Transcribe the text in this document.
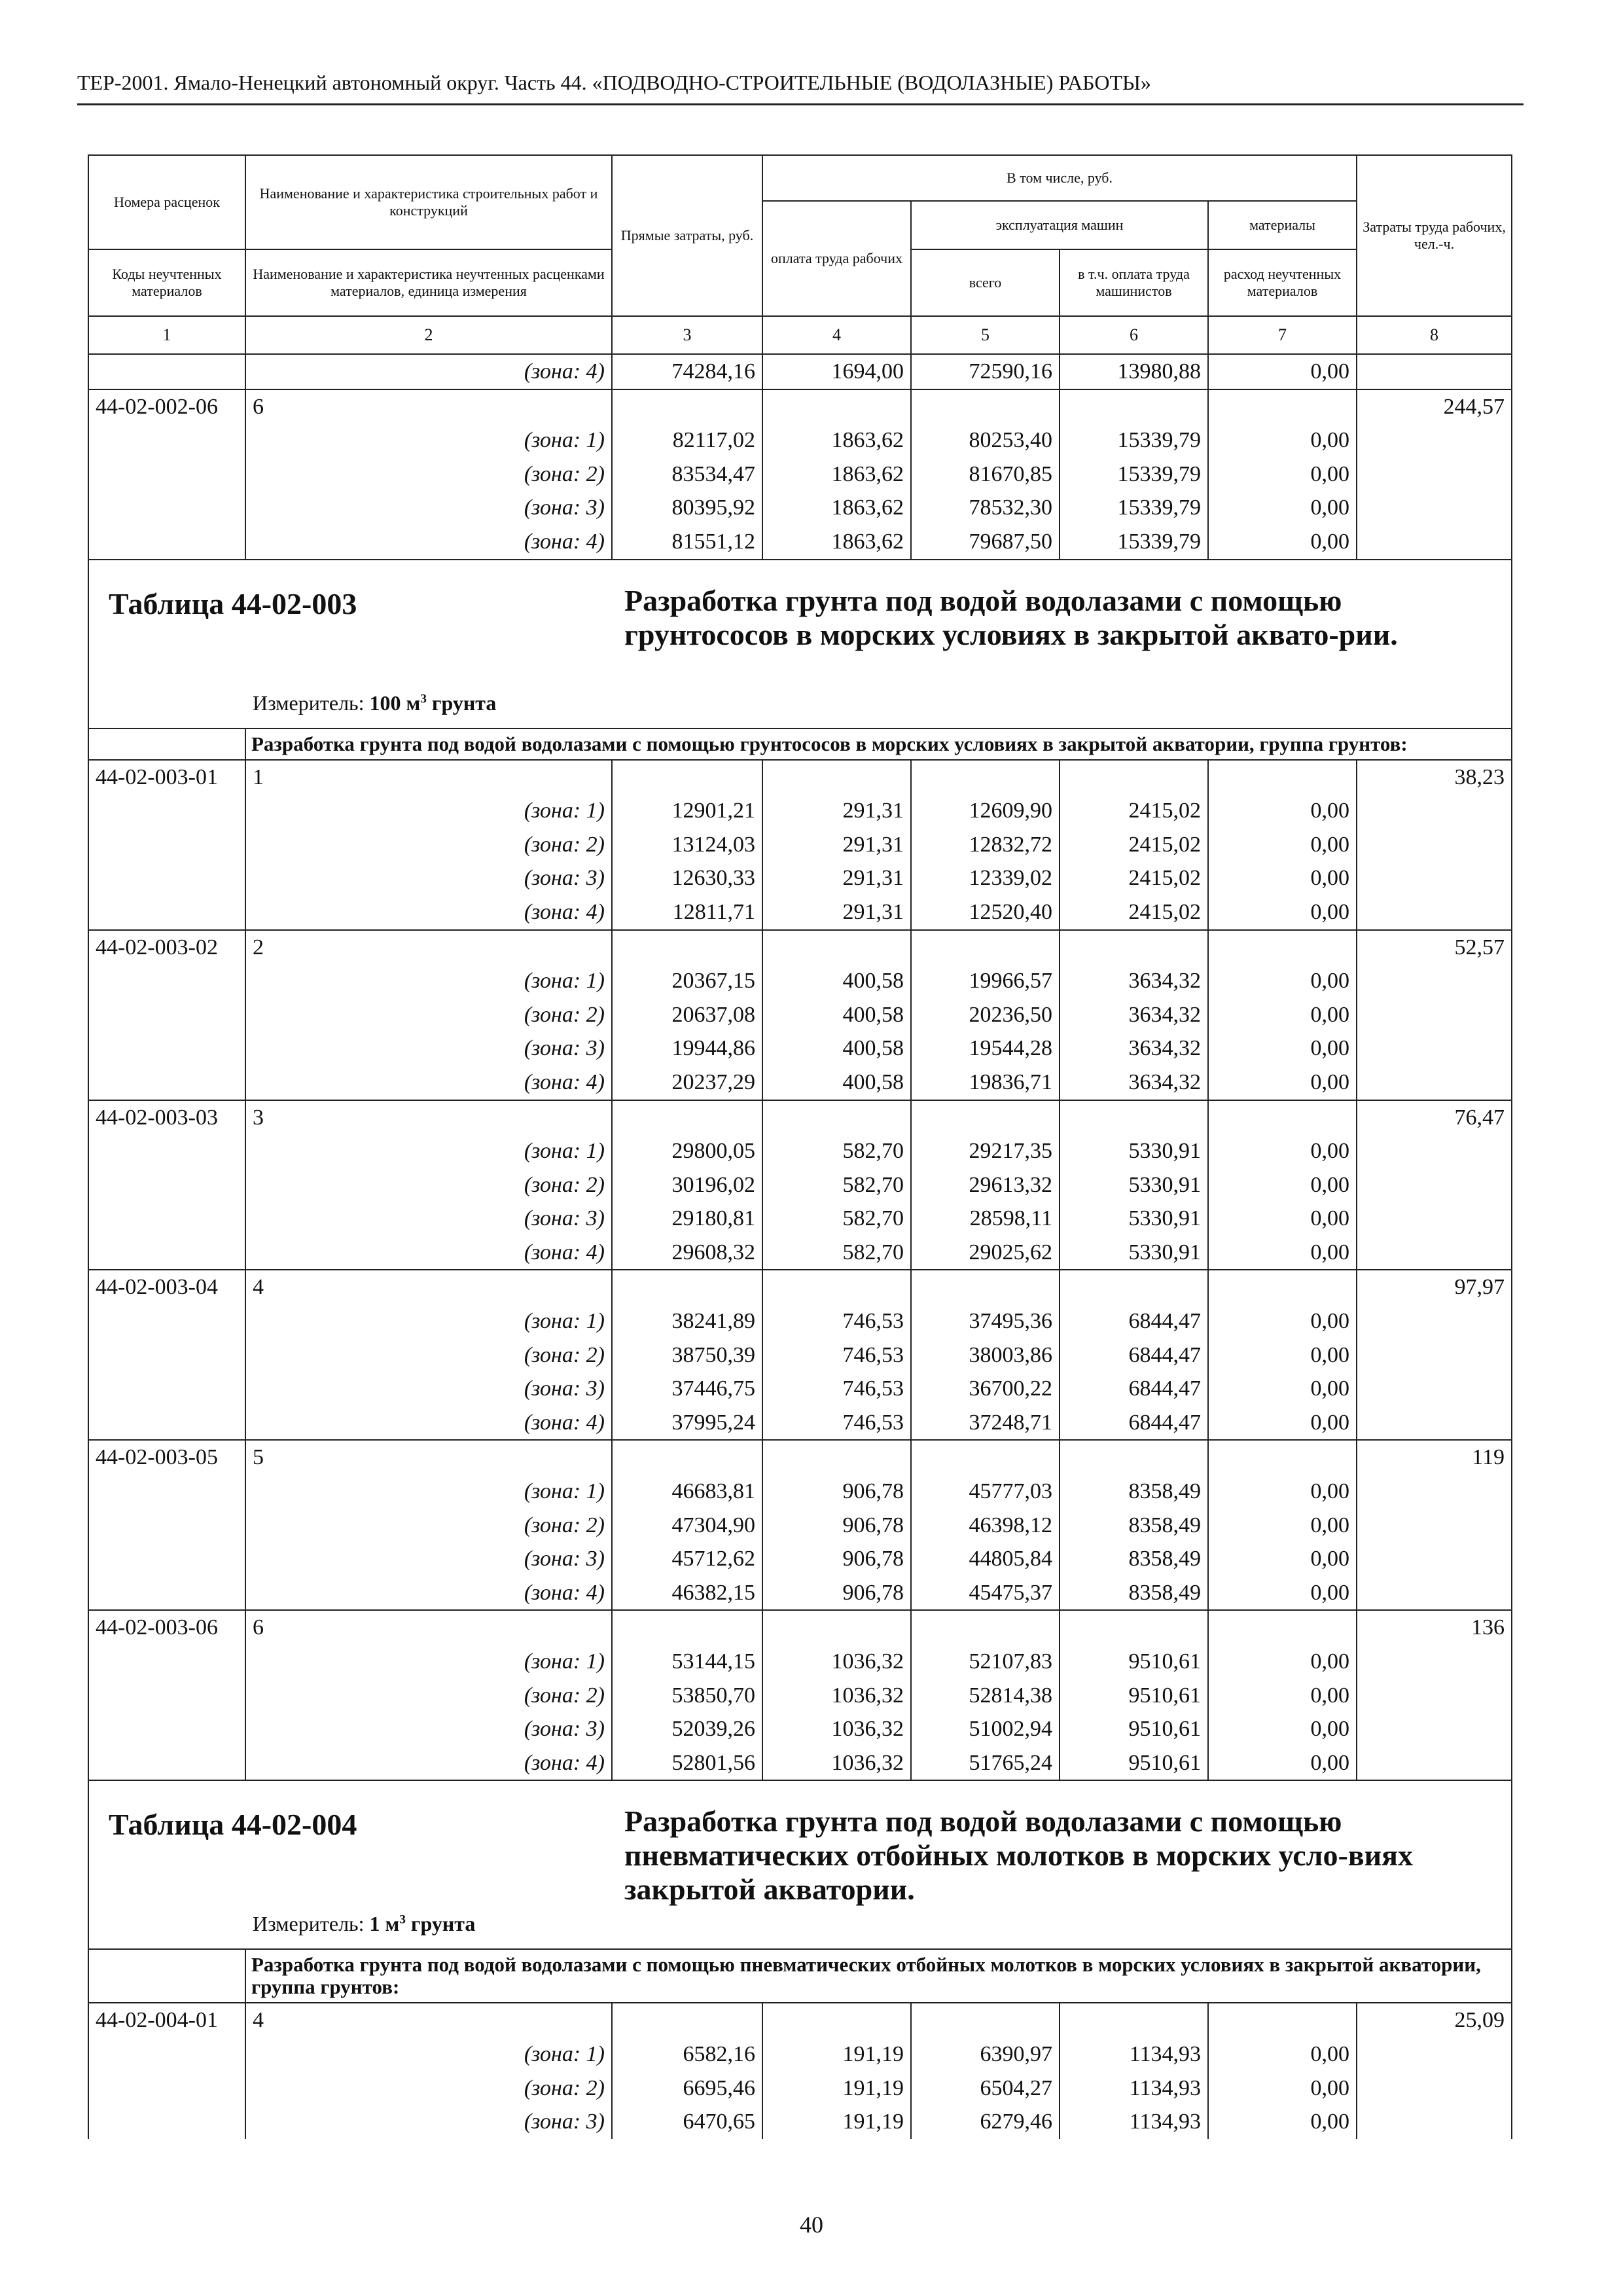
ТЕР-2001. Ямало-Ненецкий автономный округ. Часть 44. «ПОДВОДНО-СТРОИТЕЛЬНЫЕ (ВОДОЛАЗНЫЕ) РАБОТЫ»
Номера расценок	Наименование и характеристика строительных работ и конструкций	Прямые затраты, руб.	В том числе, руб.				Затраты труда рабочих, чел.-ч.
			оплата труда рабочих	эксплуатация машин		материалы	
Коды неучтенных материалов	Наименование и характеристика неучтенных расценками материалов, единица измерения			всего	в т.ч. оплата труда машинистов	расход неучтенных материалов	
1	2	3	4	5	6	7	8
	(зона: 4)	74284,16	1694,00	72590,16	13980,88	0,00	
44-02-002-06	6						244,57
	(зона: 1)	82117,02	1863,62	80253,40	15339,79	0,00	
	(зона: 2)	83534,47	1863,62	81670,85	15339,79	0,00	
	(зона: 3)	80395,92	1863,62	78532,30	15339,79	0,00	
	(зона: 4)	81551,12	1863,62	79687,50	15339,79	0,00	

Таблица 44-02-003 Разработка грунта под водой водолазами с помощью грунтососов в морских условиях в закрытой аквато-рии.
Измеритель: 100 $м^3$ грунта							

	Разработка грунта под водой водолазами с помощью грунтососов в морских условиях в закрытой акватории, группа грунтов:						
44-02-003-01	1						38,23
	(зона: 1)	12901,21	291,31	12609,90	2415,02	0,00	
	(зона: 2)	13124,03	291,31	12832,72	2415,02	0,00	
	(зона: 3)	12630,33	291,31	12339,02	2415,02	0,00	
	(зона: 4)	12811,71	291,31	12520,40	2415,02	0,00	
44-02-003-02	2						52,57
	(зона: 1)	20367,15	400,58	19966,57	3634,32	0,00	
	(зона: 2)	20637,08	400,58	20236,50	3634,32	0,00	
	(зона: 3)	19944,86	400,58	19544,28	3634,32	0,00	
	(зона: 4)	20237,29	400,58	19836,71	3634,32	0,00	
44-02-003-03	3						76,47
	(зона: 1)	29800,05	582,70	29217,35	5330,91	0,00	
	(зона: 2)	30196,02	582,70	29613,32	5330,91	0,00	
	(зона: 3)	29180,81	582,70	28598,11	5330,91	0,00	
	(зона: 4)	29608,32	582,70	29025,62	5330,91	0,00	
44-02-003-04	4						97,97
	(зона: 1)	38241,89	746,53	37495,36	6844,47	0,00	
	(зона: 2)	38750,39	746,53	38003,86	6844,47	0,00	
	(зона: 3)	37446,75	746,53	36700,22	6844,47	0,00	
	(зона: 4)	37995,24	746,53	37248,71	6844,47	0,00	
44-02-003-05	5						119
	(зона: 1)	46683,81	906,78	45777,03	8358,49	0,00	
	(зона: 2)	47304,90	906,78	46398,12	8358,49	0,00	
	(зона: 3)	45712,62	906,78	44805,84	8358,49	0,00	
	(зона: 4)	46382,15	906,78	45475,37	8358,49	0,00	
44-02-003-06	6						136
	(зона: 1)	53144,15	1036,32	52107,83	9510,61	0,00	
	(зона: 2)	53850,70	1036,32	52814,38	9510,61	0,00	
	(зона: 3)	52039,26	1036,32	51002,94	9510,61	0,00	
	(зона: 4)	52801,56	1036,32	51765,24	9510,61	0,00	

Таблица 44-02-004 Разработка грунта под водой водолазами с помощью пневматических отбойных молотков в морских усло-виях закрытой акватории.
Измеритель: 1 $м^3$ грунта							

	Разработка грунта под водой водолазами с помощью пневматических отбойных молотков в морских условиях в закрытой акватории, группа грунтов:						
44-02-004-01	4						25,09
	(зона: 1)	6582,16	191,19	6390,97	1134,93	0,00	
	(зона: 2)	6695,46	191,19	6504,27	1134,93	0,00	
	(зона: 3)	6470,65	191,19	6279,46	1134,93	0,00	
40
